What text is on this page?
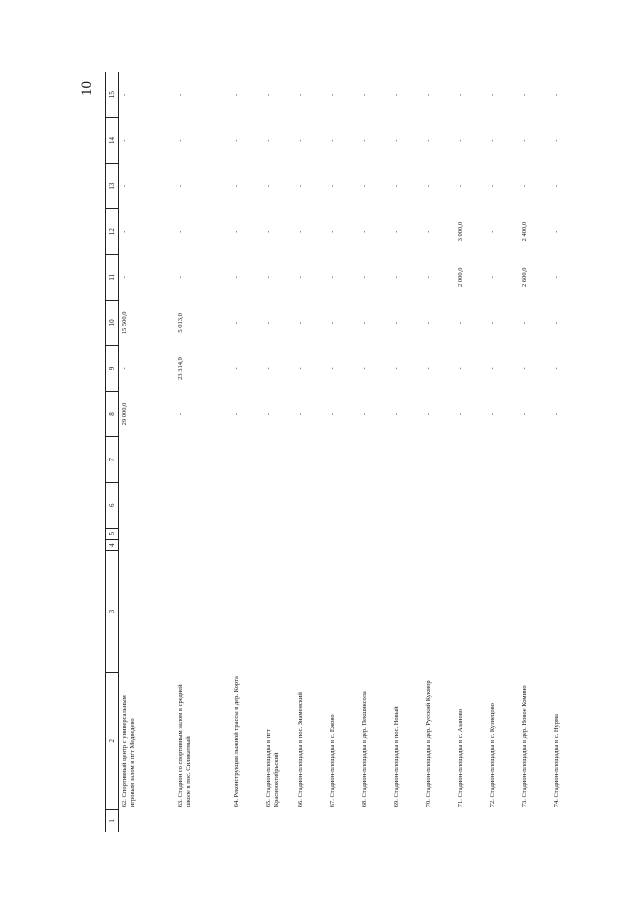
10
1	2	3	4	5	6	7	8	9	10	11	12	13	14	15
	62. Спортивный центр с универсальным игровым залом в пгт Медведево						29 000,0	-	15 500,0	-	-	-	-	-
	63. Стадион со спортивным залом в средней школе в пос. Силикатный						-	23 314,9	5 013,0	-	-	-	-	-
	64. Реконструкция лыжной трассы в дер. Корта						-	-	-	-	-	-	-	-
	65. Стадион-площадка в пгт Краснооктябрьский						-	-	-	-	-	-	-	-
	66. Стадион-площадка в пос. Знаменский						-	-	-	-	-	-	-	-
	67. Стадион-площадка в с. Ежово						-	-	-	-	-	-	-	-
	68. Стадион-площадка в дер. Пекшиксола						-	-	-	-	-	-	-	-
	69. Стадион-площадка в пос. Новый						-	-	-	-	-	-	-	-
	70. Стадион-площадка в дер. Русский Кукмор						-	-	-	-	-	-	-	-
	71. Стадион-площадка в с. Азаново						-	-	-	2 000,0	3 000,0	-	-	-
	72. Стадион-площадка в с. Кузнецово						-	-	-	-	-	-	-	-
	73. Стадион-площадка в дер. Новое Комино						-	-	-	2 600,0	2 400,0	-	-	-
	74. Стадион-площадка в с. Нурма						-	-	-	-	-	-	-	-
